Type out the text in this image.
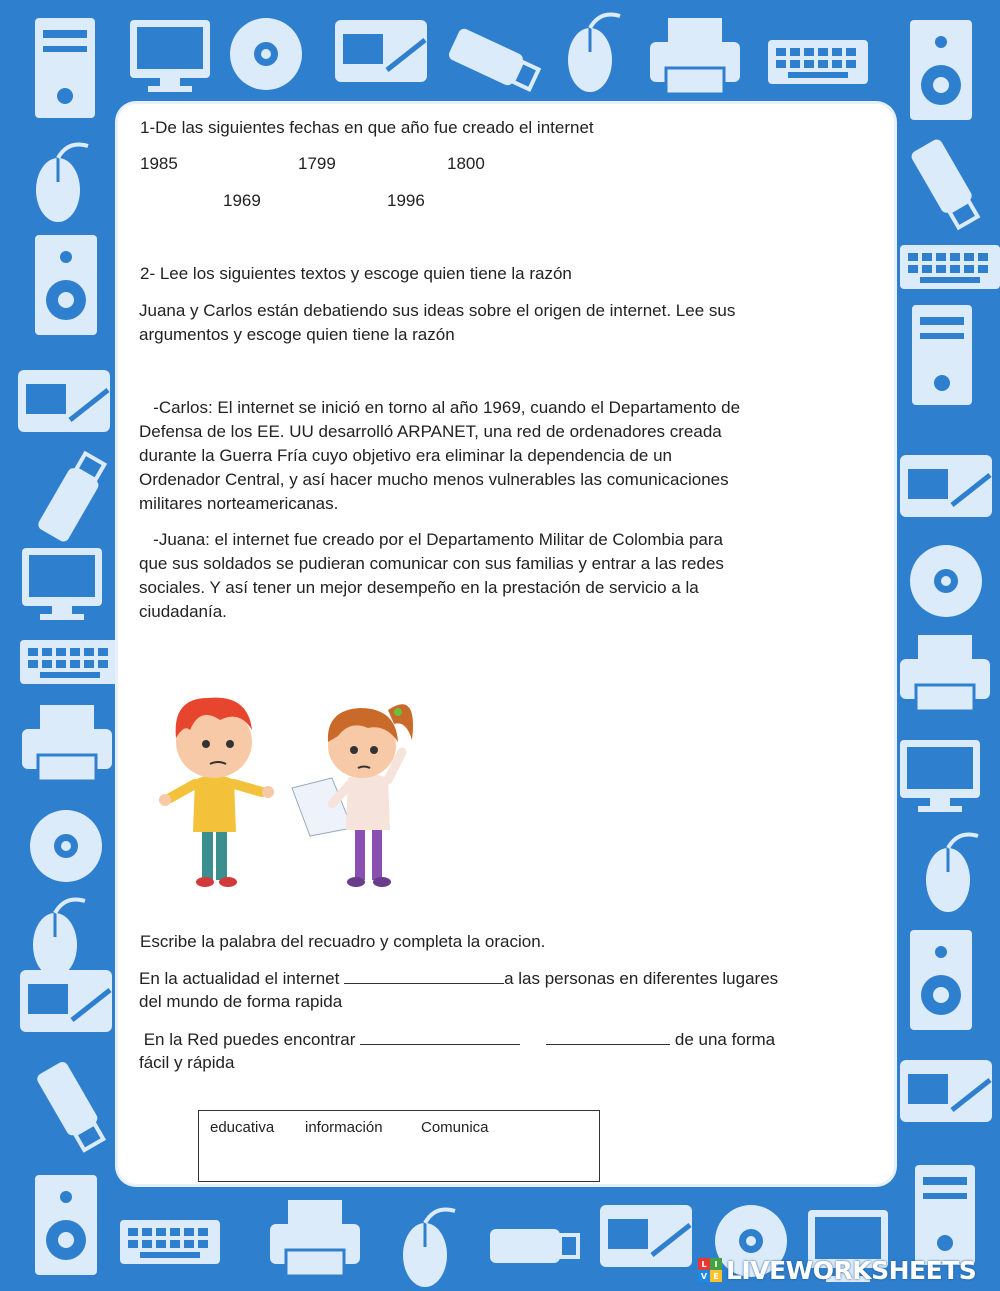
1-De las siguientes fechas en que año fue creado el internet
1985	1799	1800
1969	1996
2- Lee los siguientes textos y escoge quien tiene la razón
Juana y Carlos están debatiendo sus ideas sobre el origen de internet. Lee sus
argumentos y escoge quien tiene la razón
-Carlos: El internet se inició en torno al año 1969, cuando el Departamento de
Defensa de los EE. UU desarrolló ARPANET, una red de ordenadores creada
durante la Guerra Fría cuyo objetivo era eliminar la dependencia de un
Ordenador Central, y así hacer mucho menos vulnerables las comunicaciones
militares norteamericanas.
-Juana: el internet fue creado por el Departamento Militar de Colombia para
que sus soldados se pudieran comunicar con sus familias y entrar a las redes
sociales. Y así tener un mejor desempeño en la prestación de servicio a la
ciudadanía.
Escribe la palabra del recuadro y completa la oracion.
En la actualidad el internet	a las personas en diferentes lugares
del mundo de forma rapida
En la Red puedes encontrar	de una forma
fácil y rápida
educativa información	Comunica
L I
V E LIVEWORKSHEETS
